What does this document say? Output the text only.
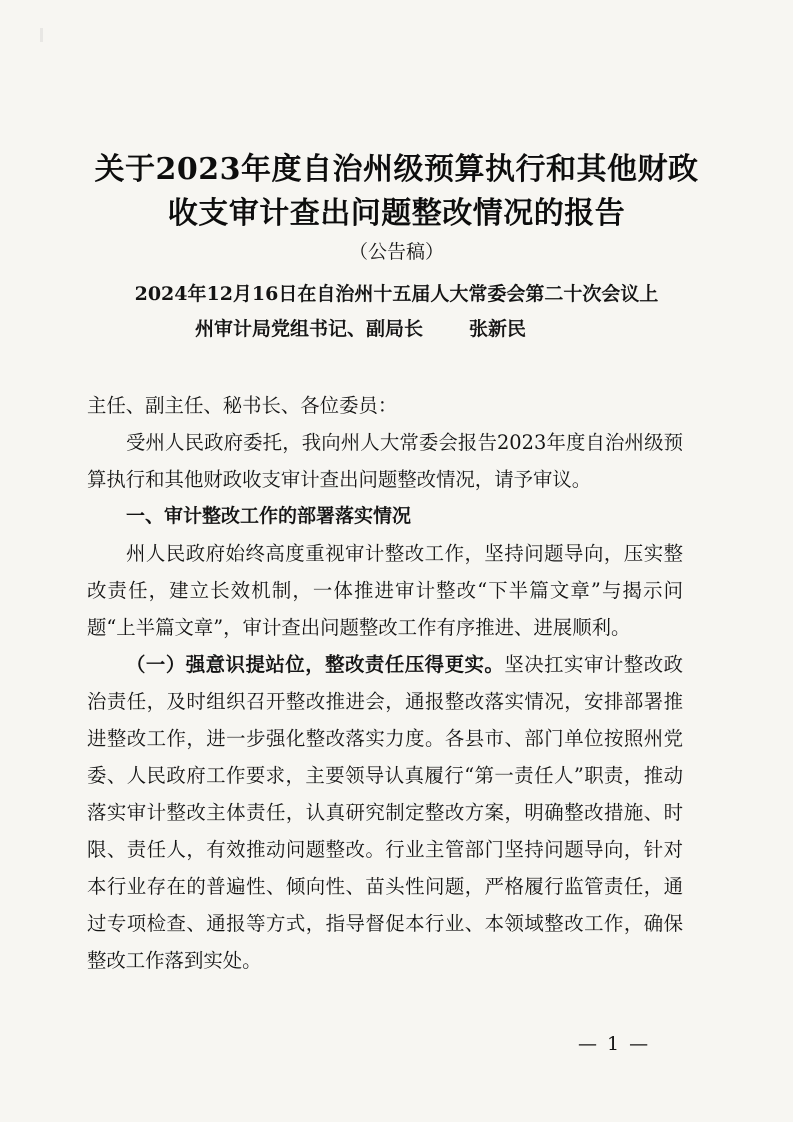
关于2023年度自治州级预算执行和其他财政
收支审计查出问题整改情况的报告
（公告稿）
2024年12月16日在自治州十五届人大常委会第二十次会议上
州审计局党组书记、副局长 张新民

主任、副主任、秘书长、各位委员：

受州人民政府委托，我向州人大常委会报告2023年度自治州级预算执行和其他财政收支审计查出问题整改情况，请予审议。

一、审计整改工作的部署落实情况

州人民政府始终高度重视审计整改工作，坚持问题导向，压实整改责任，建立长效机制，一体推进审计整改“下半篇文章”与揭示问题“上半篇文章”，审计查出问题整改工作有序推进、进展顺利。

（一）强意识提站位，整改责任压得更实。坚决扛实审计整改政治责任，及时组织召开整改推进会，通报整改落实情况，安排部署推进整改工作，进一步强化整改落实力度。各县市、部门单位按照州党委、人民政府工作要求，主要领导认真履行“第一责任人”职责，推动落实审计整改主体责任，认真研究制定整改方案，明确整改措施、时限、责任人，有效推动问题整改。行业主管部门坚持问题导向，针对本行业存在的普遍性、倾向性、苗头性问题，严格履行监管责任，通过专项检查、通报等方式，指导督促本行业、本领域整改工作，确保整改工作落到实处。

— 1 —
